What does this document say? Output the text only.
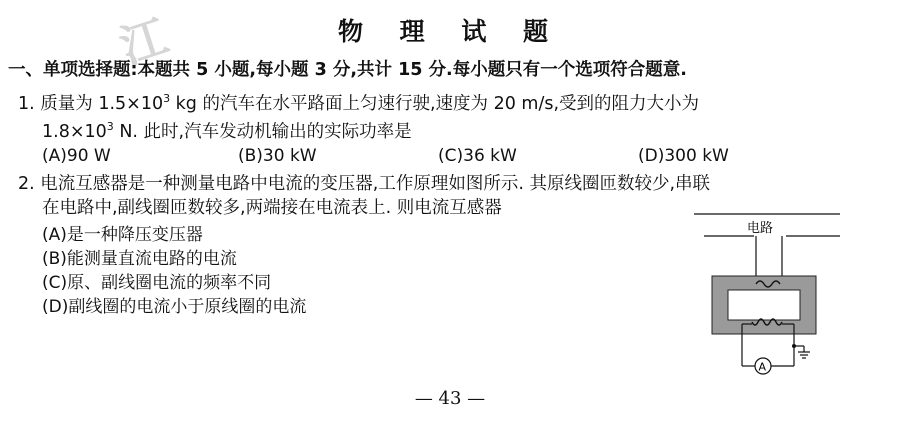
江	物 理 试 题
一、单项选择题:本题共 5 小题,每小题 3 分,共计 15 分.每小题只有一个选项符合题意.
1. 质量为 $1.5\times 10^3$ kg 的汽车在水平路面上匀速行驶,速度为 20 m/s,受到的阻力大小为
$1.8\times 10^3$ N. 此时,汽车发动机输出的实际功率是
(A)90 W	(B)30 kW	(C)36 kW	(D)300 kW
2. 电流互感器是一种测量电路中电流的变压器,工作原理如图所示. 其原线圈匝数较少,串联
在电路中,副线圈匝数较多,两端接在电流表上. 则电流互感器
(A)是一种降压变压器
(B)能测量直流电路的电流
(C)原、副线圈电流的频率不同
(D)副线圈的电流小于原线圈的电流
电路
A
— 43 —
